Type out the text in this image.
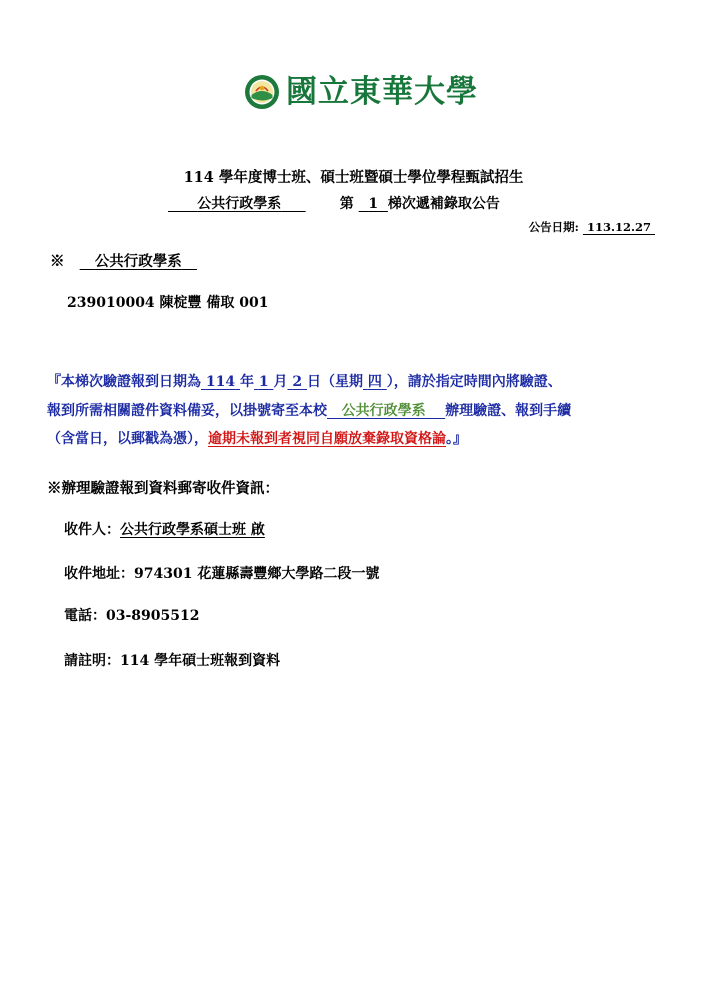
國立東華大學
114 學年度博士班、碩士班暨碩士學位學程甄試招生
公共行政學系	第 1 梯次遞補錄取公告
公告日期: 113.12.27
※ 公共行政學系
239010004 陳椗豐 備取 001
『本梯次驗證報到日期為 114 年 1 月 2 日（星期 四 ），請於指定時間內將驗證、
報到所需相關證件資料備妥，以掛號寄至本校 公共行政學系 辦理驗證、報到手續
（含當日，以郵戳為憑），逾期未報到者視同自願放棄錄取資格論。』
※辦理驗證報到資料郵寄收件資訊：
收件人：公共行政學系碩士班 啟
收件地址：974301 花蓮縣壽豐鄉大學路二段一號
電話：03-8905512
請註明：114 學年碩士班報到資料
